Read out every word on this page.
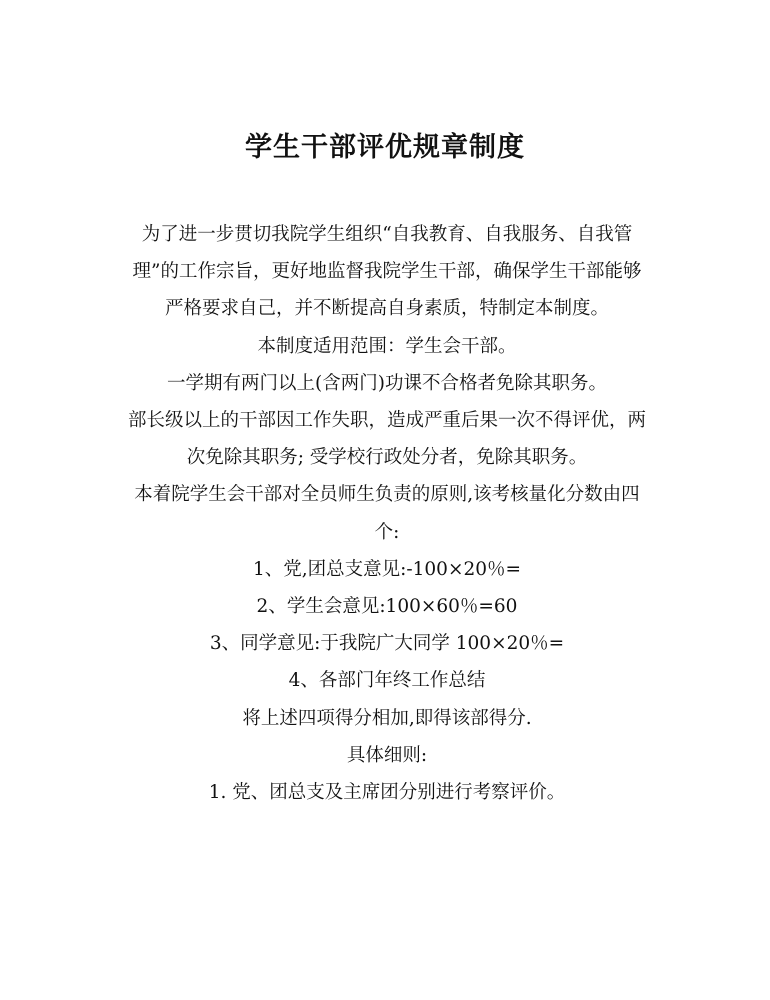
学生干部评优规章制度

为了进一步贯切我院学生组织“自我教育、自我服务、自我管理”的工作宗旨，更好地监督我院学生干部，确保学生干部能够严格要求自己，并不断提高自身素质，特制定本制度。

本制度适用范围：学生会干部。

一学期有两门以上(含两门)功课不合格者免除其职务。

部长级以上的干部因工作失职，造成严重后果一次不得评优，两次免除其职务; 受学校行政处分者，免除其职务。

本着院学生会干部对全员师生负责的原则,该考核量化分数由四个:

1、党,团总支意见:-100×20％=

2、学生会意见:100×60％=60

3、同学意见:于我院广大同学 100×20％=

4、各部门年终工作总结

将上述四项得分相加,即得该部得分.

具体细则:

1. 党、团总支及主席团分别进行考察评价。
